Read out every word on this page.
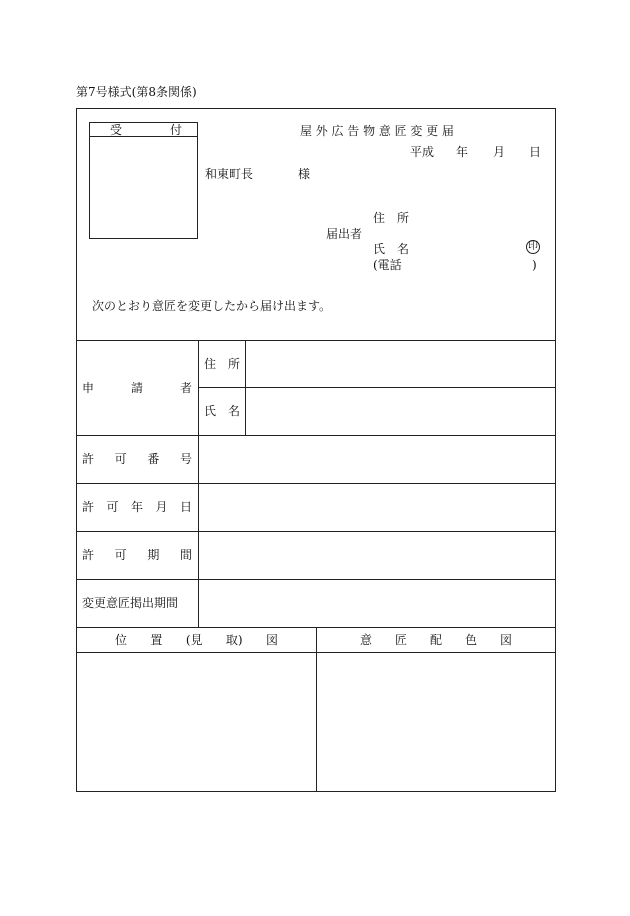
第7号様式(第8条関係)
受	付	屋 外 広 告 物 意 匠 変 更 届
平成 年 月 日
和東町長	様
住 所
届出者
氏 名	印
(電話	)
次のとおり意匠を変更したから届け出ます。
申	請	者
住 所
氏 名
許 可 番 号
許 可 年 月 日
許 可 期 間
変更意匠掲出期間
位 置 (見 取) 図	意 匠 配 色 図
